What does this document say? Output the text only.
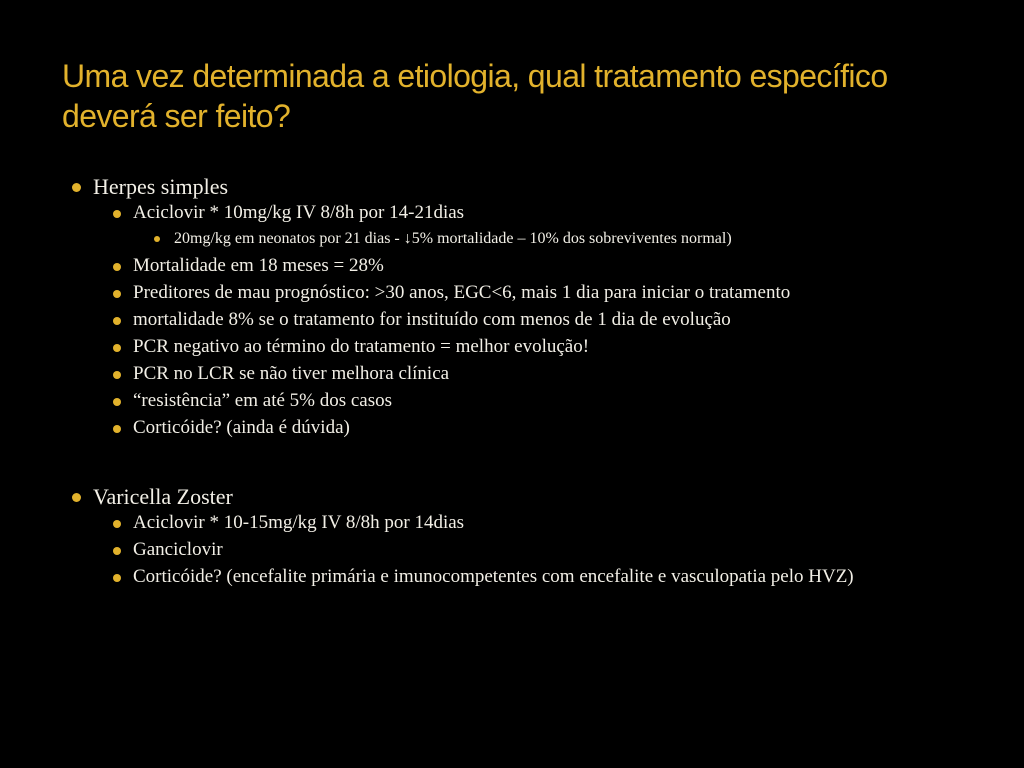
Uma vez determinada a etiologia, qual tratamento específico deverá ser feito?
Herpes simples
Aciclovir * 10mg/kg IV 8/8h por 14-21dias
20mg/kg em neonatos por 21 dias - ↓5% mortalidade – 10% dos sobreviventes normal)
Mortalidade em 18 meses = 28%
Preditores de mau prognóstico: >30 anos, EGC<6, mais 1 dia para iniciar o tratamento
mortalidade 8% se o tratamento for instituído com menos de 1 dia de evolução
PCR negativo ao término do tratamento = melhor evolução!
PCR no LCR se não tiver melhora clínica
“resistência” em até 5% dos casos
Corticóide? (ainda é dúvida)
Varicella Zoster
Aciclovir * 10-15mg/kg IV 8/8h por 14dias
Ganciclovir
Corticóide? (encefalite primária e imunocompetentes com encefalite e vasculopatia pelo HVZ)
